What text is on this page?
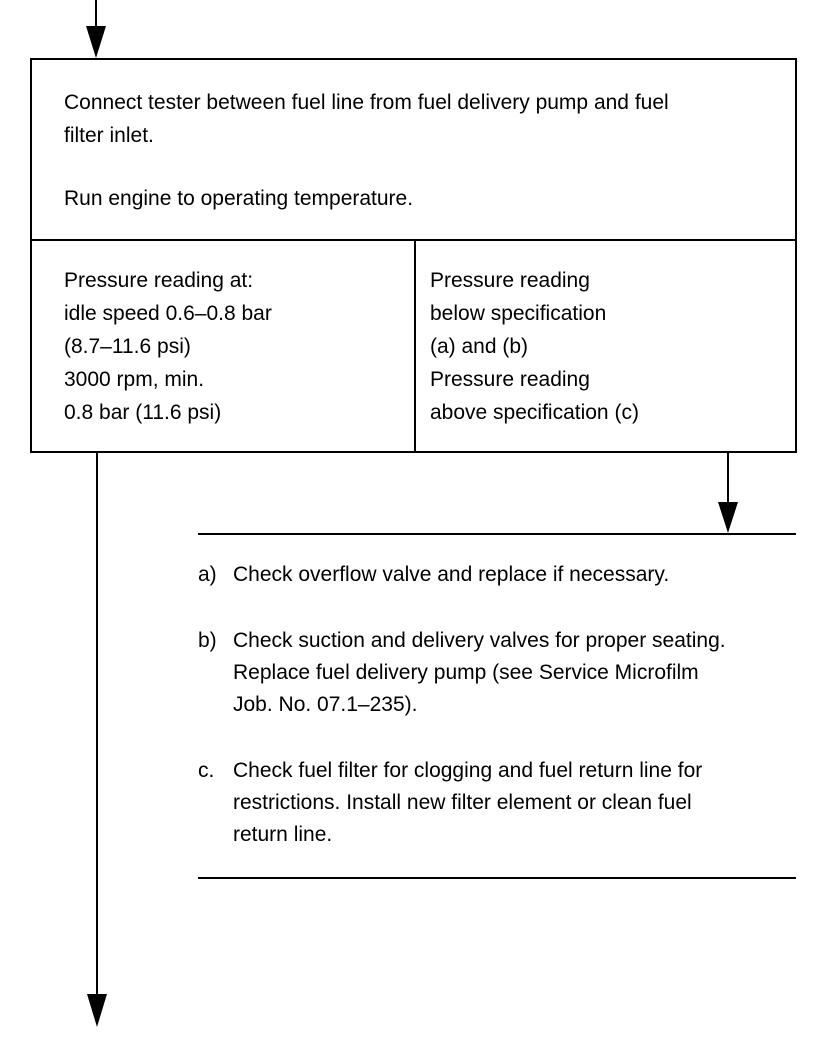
Connect tester between fuel line from fuel delivery pump and fuel
filter inlet.
Run engine to operating temperature.
Pressure reading at:
idle speed 0.6–0.8 bar
(8.7–11.6 psi)
3000 rpm, min.
0.8 bar (11.6 psi)
Pressure reading
below specification
(a) and (b)
Pressure reading
above specification (c)
a) Check overflow valve and replace if necessary.
b) Check suction and delivery valves for proper seating.
Replace fuel delivery pump (see Service Microfilm
Job. No. 07.1–235).
c. Check fuel filter for clogging and fuel return line for
restrictions. Install new filter element or clean fuel
return line.
